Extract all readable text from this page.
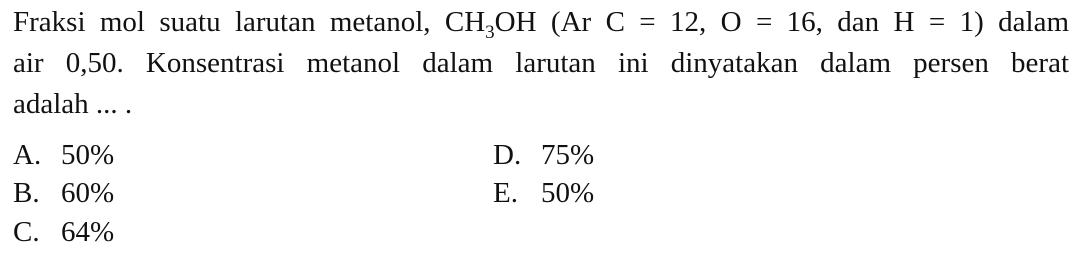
Fraksi mol suatu larutan metanol, $CH_3OH$ (Ar C = 12, O = 16, dan H = 1) dalam
air 0,50. Konsentrasi metanol dalam larutan ini dinyatakan dalam persen berat
adalah ... .
A. 50%
B. 60%
C. 64%
D. 75%
E. 50%
